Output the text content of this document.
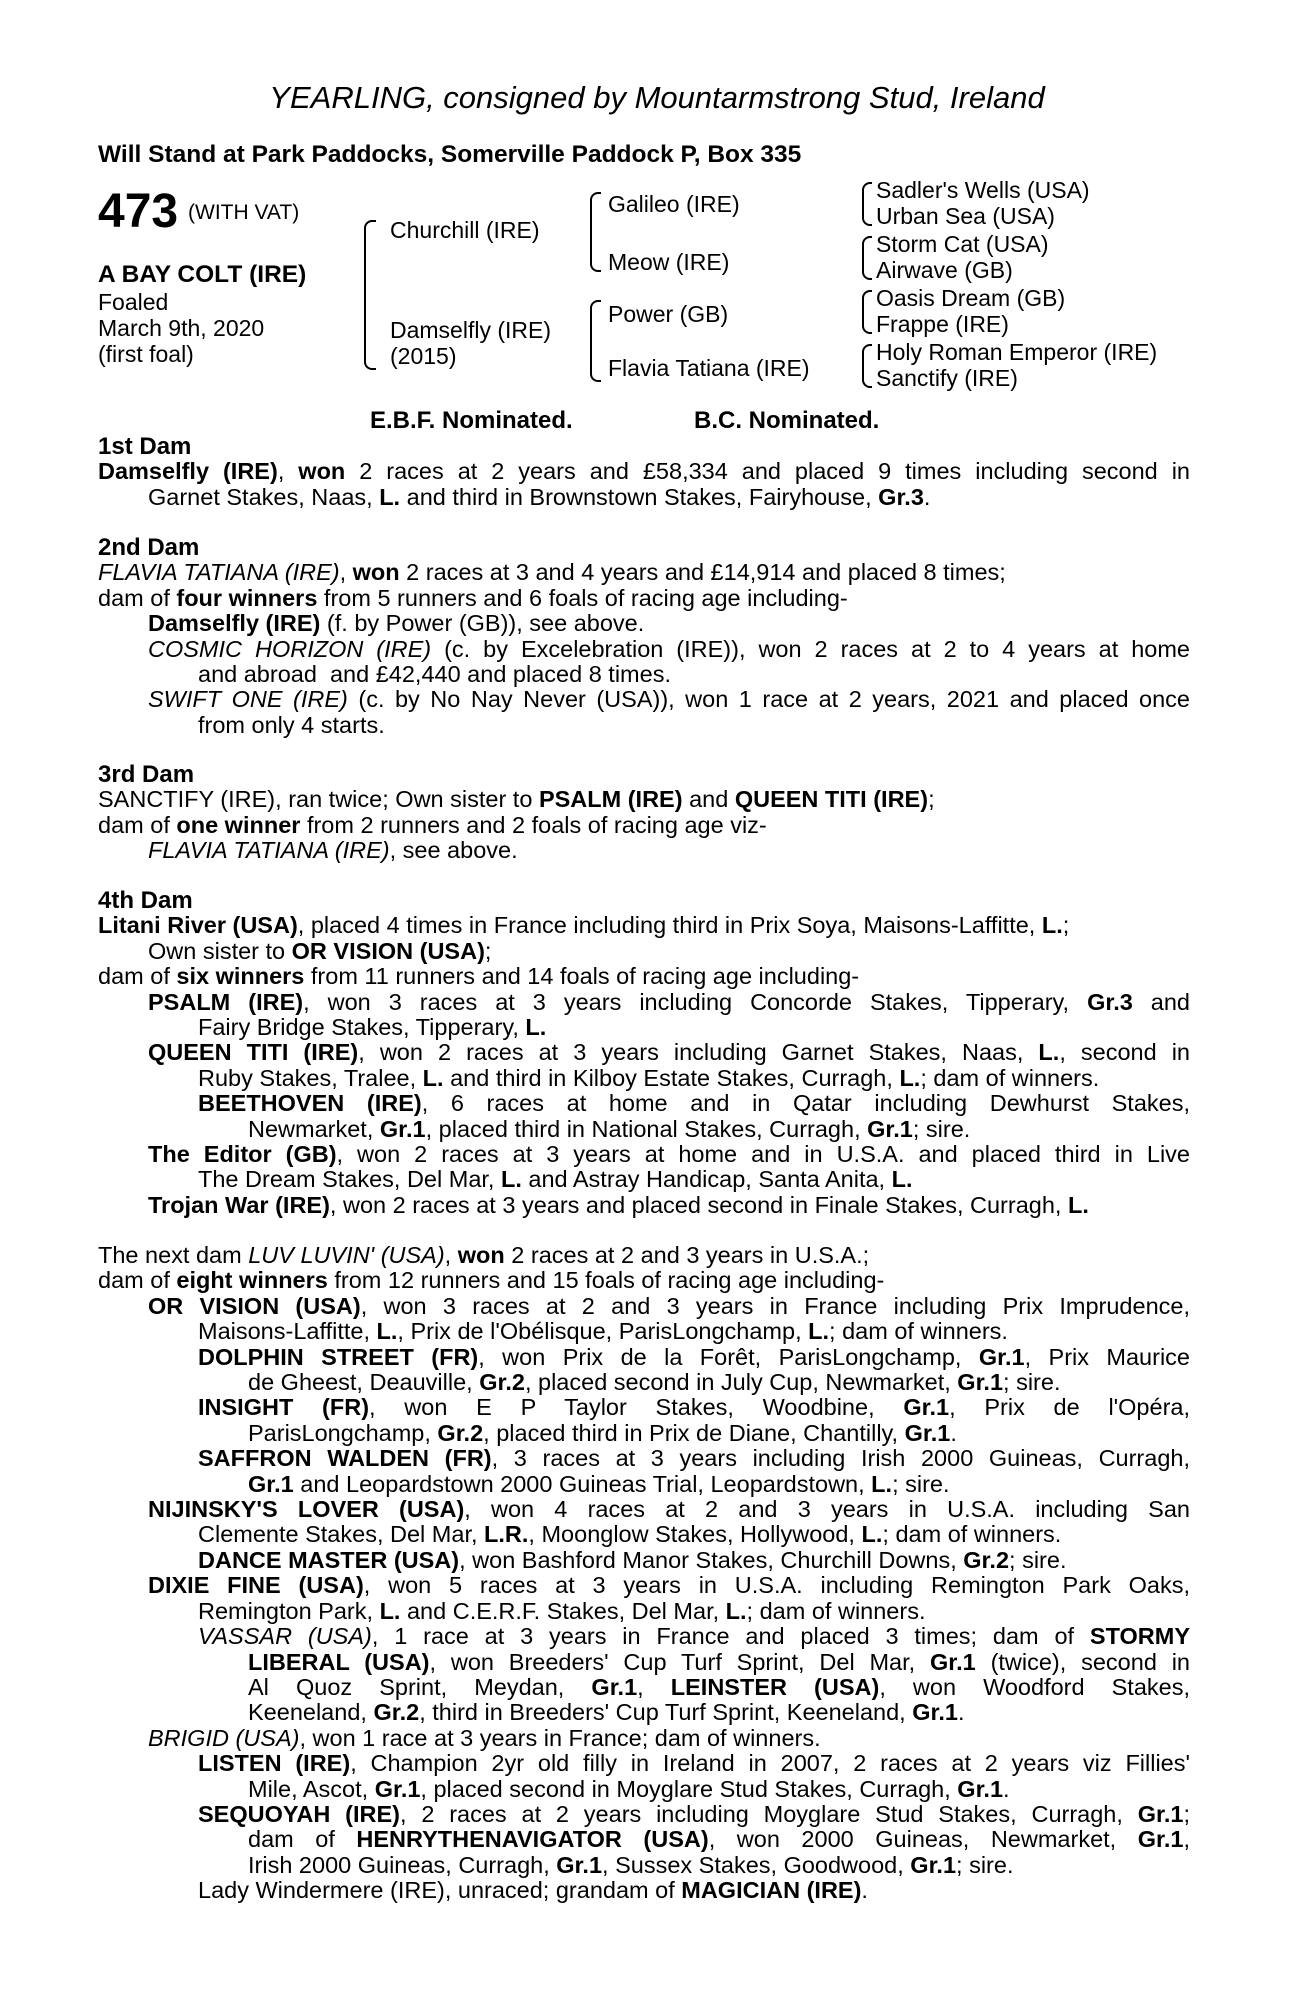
YEARLING, consigned by Mountarmstrong Stud, Ireland
Will Stand at Park Paddocks, Somerville Paddock P, Box 335
473 (WITH VAT)
A BAY COLT (IRE)
Foaled
March 9th, 2020
(first foal)
Churchill (IRE)
Damselfly (IRE)
(2015)
Galileo (IRE)
Meow (IRE)
Power (GB)
Flavia Tatiana (IRE)
Sadler's Wells (USA)
Urban Sea (USA)
Storm Cat (USA)
Airwave (GB)
Oasis Dream (GB)
Frappe (IRE)
Holy Roman Emperor (IRE)
Sanctify (IRE)
E.B.F. Nominated.	B.C. Nominated.
1st Dam
Damselfly (IRE), won 2 races at 2 years and £58,334 and placed 9 times including second in
Garnet Stakes, Naas, L. and third in Brownstown Stakes, Fairyhouse, Gr.3.
2nd Dam
FLAVIA TATIANA (IRE), won 2 races at 3 and 4 years and £14,914 and placed 8 times;
dam of four winners from 5 runners and 6 foals of racing age including-
Damselfly (IRE) (f. by Power (GB)), see above.
COSMIC HORIZON (IRE) (c. by Excelebration (IRE)), won 2 races at 2 to 4 years at home
and abroad  and £42,440 and placed 8 times.
SWIFT ONE (IRE) (c. by No Nay Never (USA)), won 1 race at 2 years, 2021 and placed once
from only 4 starts.
3rd Dam
SANCTIFY (IRE), ran twice; Own sister to PSALM (IRE) and QUEEN TITI (IRE);
dam of one winner from 2 runners and 2 foals of racing age viz-
FLAVIA TATIANA (IRE), see above.
4th Dam
Litani River (USA), placed 4 times in France including third in Prix Soya, Maisons-Laffitte, L.;
Own sister to OR VISION (USA);
dam of six winners from 11 runners and 14 foals of racing age including-
PSALM (IRE), won 3 races at 3 years including Concorde Stakes, Tipperary, Gr.3 and
Fairy Bridge Stakes, Tipperary, L.
QUEEN TITI (IRE), won 2 races at 3 years including Garnet Stakes, Naas, L., second in
Ruby Stakes, Tralee, L. and third in Kilboy Estate Stakes, Curragh, L.; dam of winners.
BEETHOVEN (IRE), 6 races at home and in Qatar including Dewhurst Stakes,
Newmarket, Gr.1, placed third in National Stakes, Curragh, Gr.1; sire.
The Editor (GB), won 2 races at 3 years at home and in U.S.A. and placed third in Live
The Dream Stakes, Del Mar, L. and Astray Handicap, Santa Anita, L.
Trojan War (IRE), won 2 races at 3 years and placed second in Finale Stakes, Curragh, L.
The next dam LUV LUVIN' (USA), won 2 races at 2 and 3 years in U.S.A.;
dam of eight winners from 12 runners and 15 foals of racing age including-
OR VISION (USA), won 3 races at 2 and 3 years in France including Prix Imprudence,
Maisons-Laffitte, L., Prix de l'Obélisque, ParisLongchamp, L.; dam of winners.
DOLPHIN STREET (FR), won Prix de la Forêt, ParisLongchamp, Gr.1, Prix Maurice
de Gheest, Deauville, Gr.2, placed second in July Cup, Newmarket, Gr.1; sire.
INSIGHT (FR), won E P Taylor Stakes, Woodbine, Gr.1, Prix de l'Opéra,
ParisLongchamp, Gr.2, placed third in Prix de Diane, Chantilly, Gr.1.
SAFFRON WALDEN (FR), 3 races at 3 years including Irish 2000 Guineas, Curragh,
Gr.1 and Leopardstown 2000 Guineas Trial, Leopardstown, L.; sire.
NIJINSKY'S LOVER (USA), won 4 races at 2 and 3 years in U.S.A. including San
Clemente Stakes, Del Mar, L.R., Moonglow Stakes, Hollywood, L.; dam of winners.
DANCE MASTER (USA), won Bashford Manor Stakes, Churchill Downs, Gr.2; sire.
DIXIE FINE (USA), won 5 races at 3 years in U.S.A. including Remington Park Oaks,
Remington Park, L. and C.E.R.F. Stakes, Del Mar, L.; dam of winners.
VASSAR (USA), 1 race at 3 years in France and placed 3 times; dam of STORMY
LIBERAL (USA), won Breeders' Cup Turf Sprint, Del Mar, Gr.1 (twice), second in
Al Quoz Sprint, Meydan, Gr.1, LEINSTER (USA), won Woodford Stakes,
Keeneland, Gr.2, third in Breeders' Cup Turf Sprint, Keeneland, Gr.1.
BRIGID (USA), won 1 race at 3 years in France; dam of winners.
LISTEN (IRE), Champion 2yr old filly in Ireland in 2007, 2 races at 2 years viz Fillies'
Mile, Ascot, Gr.1, placed second in Moyglare Stud Stakes, Curragh, Gr.1.
SEQUOYAH (IRE), 2 races at 2 years including Moyglare Stud Stakes, Curragh, Gr.1;
dam of HENRYTHENAVIGATOR (USA), won 2000 Guineas, Newmarket, Gr.1,
Irish 2000 Guineas, Curragh, Gr.1, Sussex Stakes, Goodwood, Gr.1; sire.
Lady Windermere (IRE), unraced; grandam of MAGICIAN (IRE).
